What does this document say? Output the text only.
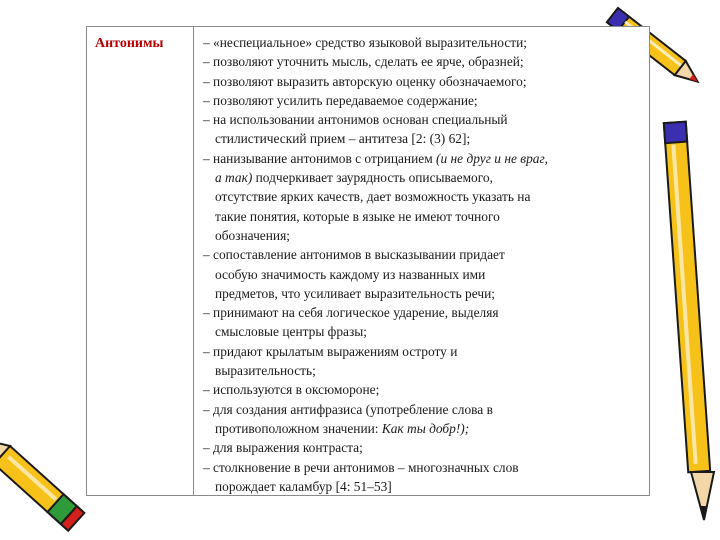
Антонимы	– «неспециальное» средство языковой выразительности;
– позволяют уточнить мысль, сделать ее ярче, образней;
– позволяют выразить авторскую оценку обозначаемого;
– позволяют усилить передаваемое содержание;
– на использовании антонимов основан специальный
стилистический прием – антитеза [2: (3) 62];
– нанизывание антонимов с отрицанием (и не друг и не враг,
а так) подчеркивает заурядность описываемого,
отсутствие ярких качеств, дает возможность указать на
такие понятия, которые в языке не имеют точного
обозначения;
– сопоставление антонимов в высказывании придает
особую значимость каждому из названных ими
предметов, что усиливает выразительность речи;
– принимают на себя логическое ударение, выделяя
смысловые центры фразы;
– придают крылатым выражениям остроту и
выразительность;
– используются в оксюмороне;
– для создания антифразиса (употребление слова в
противоположном значении: Как ты добр!);
– для выражения контраста;
– столкновение в речи антонимов – многозначных слов
порождает каламбур [4: 51–53]
